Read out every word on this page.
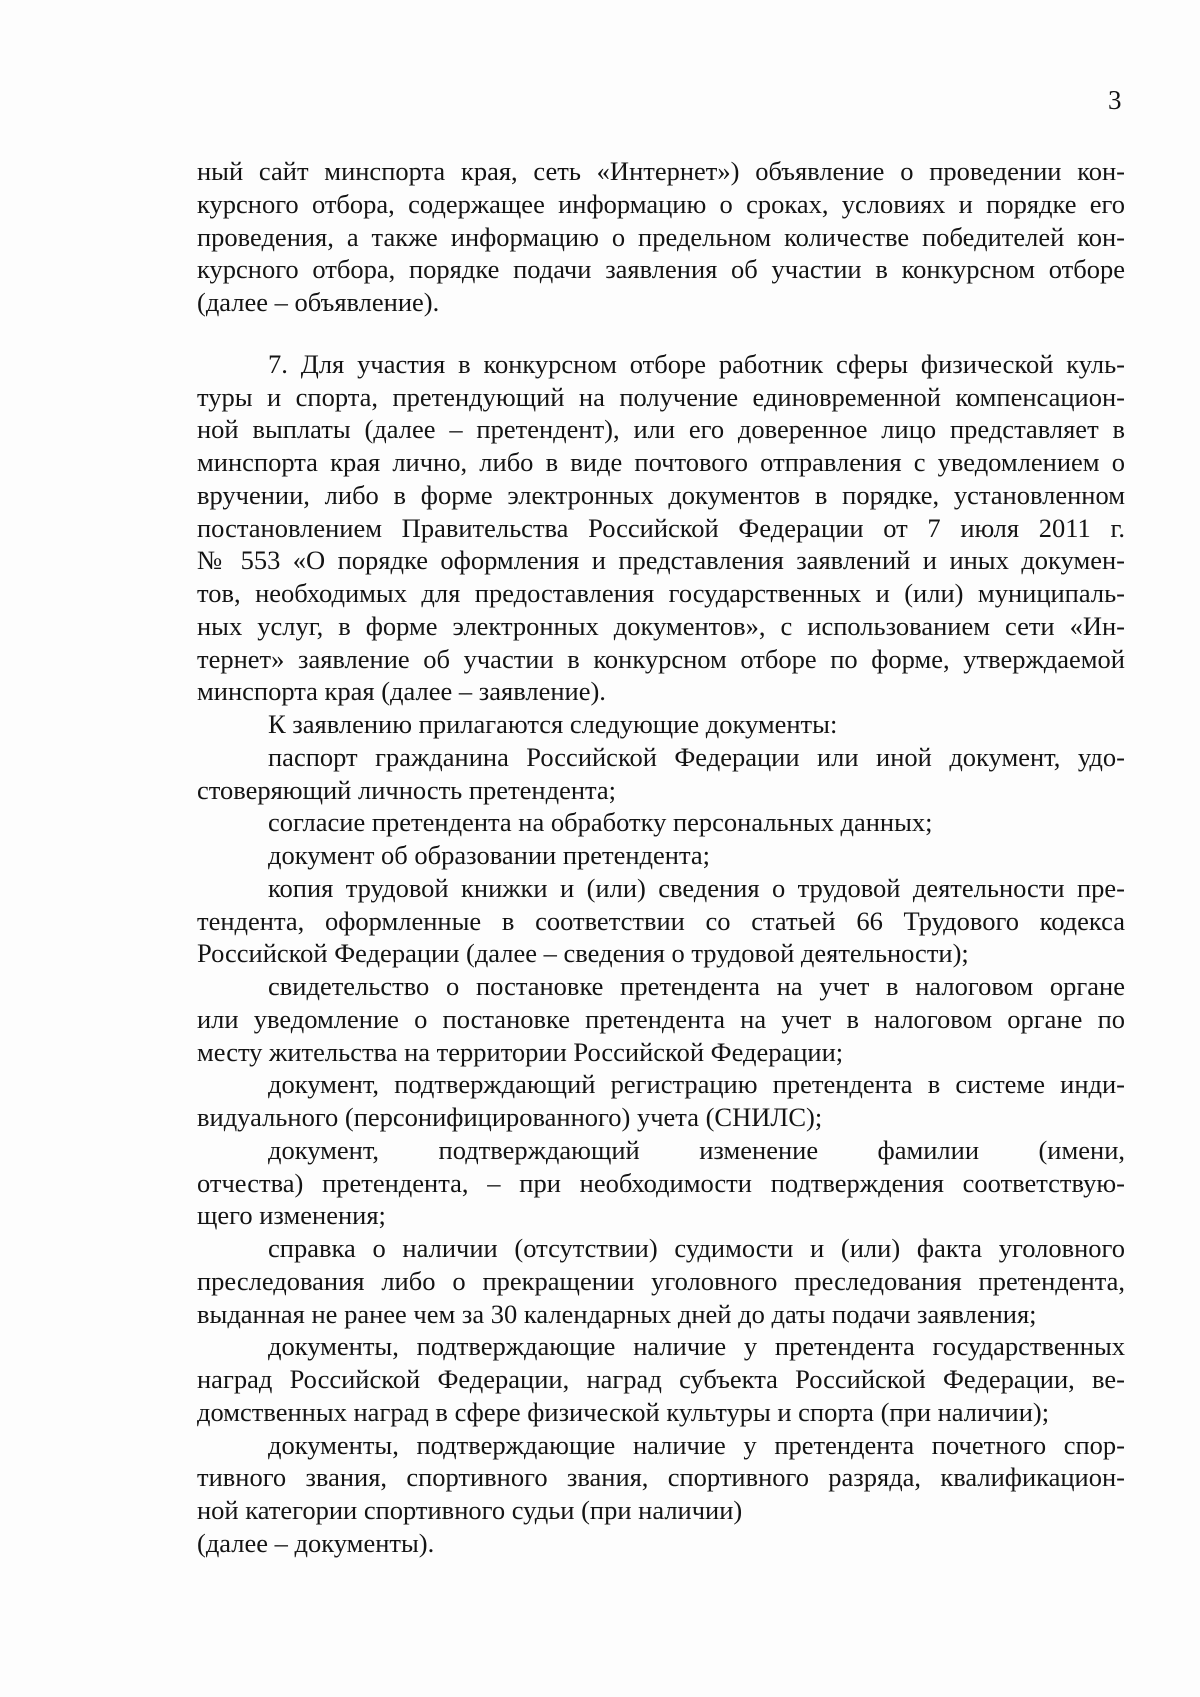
3
ный сайт минспорта края, сеть «Интернет») объявление о проведении кон-
курсного отбора, содержащее информацию о сроках, условиях и порядке его
проведения, а также информацию о предельном количестве победителей кон-
курсного отбора, порядке подачи заявления об участии в конкурсном отборе
(далее – объявление).
7. Для участия в конкурсном отборе работник сферы физической куль-
туры и спорта, претендующий на получение единовременной компенсацион-
ной выплаты (далее – претендент), или его доверенное лицо представляет в
минспорта края лично, либо в виде почтового отправления с уведомлением о
вручении, либо в форме электронных документов в порядке, установленном
постановлением Правительства Российской Федерации от 7 июля 2011 г.
№ 553 «О порядке оформления и представления заявлений и иных докумен-
тов, необходимых для предоставления государственных и (или) муниципаль-
ных услуг, в форме электронных документов», с использованием сети «Ин-
тернет» заявление об участии в конкурсном отборе по форме, утверждаемой
минспорта края (далее – заявление).
К заявлению прилагаются следующие документы:
паспорт гражданина Российской Федерации или иной документ, удо-
стоверяющий личность претендента;
согласие претендента на обработку персональных данных;
документ об образовании претендента;
копия трудовой книжки и (или) сведения о трудовой деятельности пре-
тендента, оформленные в соответствии со статьей 66 Трудового кодекса
Российской Федерации (далее – сведения о трудовой деятельности);
свидетельство о постановке претендента на учет в налоговом органе
или уведомление о постановке претендента на учет в налоговом органе по
месту жительства на территории Российской Федерации;
документ, подтверждающий регистрацию претендента в системе инди-
видуального (персонифицированного) учета (СНИЛС);
документ, подтверждающий изменение фамилии (имени,
отчества) претендента, – при необходимости подтверждения соответствую-
щего изменения;
справка о наличии (отсутствии) судимости и (или) факта уголовного
преследования либо о прекращении уголовного преследования претендента,
выданная не ранее чем за 30 календарных дней до даты подачи заявления;
документы, подтверждающие наличие у претендента государственных
наград Российской Федерации, наград субъекта Российской Федерации, ве-
домственных наград в сфере физической культуры и спорта (при наличии);
документы, подтверждающие наличие у претендента почетного спор-
тивного звания, спортивного звания, спортивного разряда, квалификацион-
ной категории спортивного судьи (при наличии)
(далее – документы).
